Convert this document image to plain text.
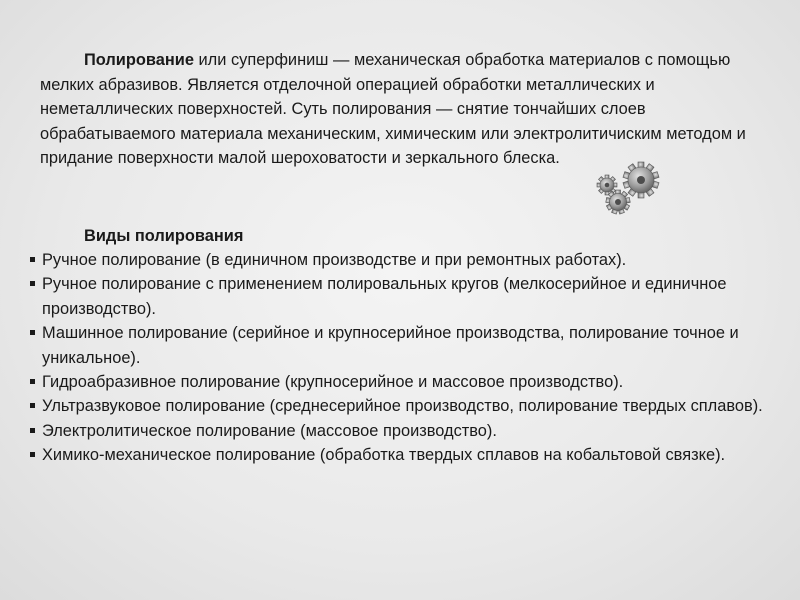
Полирование или суперфиниш — механическая обработка материалов с помощью мелких абразивов. Является отделочной операцией обработки металлических и неметаллических поверхностей. Суть полирования — снятие тончайших слоев обрабатываемого материала механическим, химическим или электролитичиским методом и придание поверхности малой шероховатости и зеркального блеска.

Виды полирования

Ручное полирование (в единичном производстве и при ремонтных работах).
Ручное полирование с применением полировальных кругов (мелкосерийное и единичное производство).
Машинное полирование (серийное и крупносерийное производства, полирование точное и уникальное).
Гидроабразивное полирование (крупносерийное и массовое производство).
Ультразвуковое полирование (среднесерийное производство, полирование твердых сплавов).
Электролитическое полирование (массовое производство).
Химико-механическое полирование (обработка твердых сплавов на кобальтовой связке).
